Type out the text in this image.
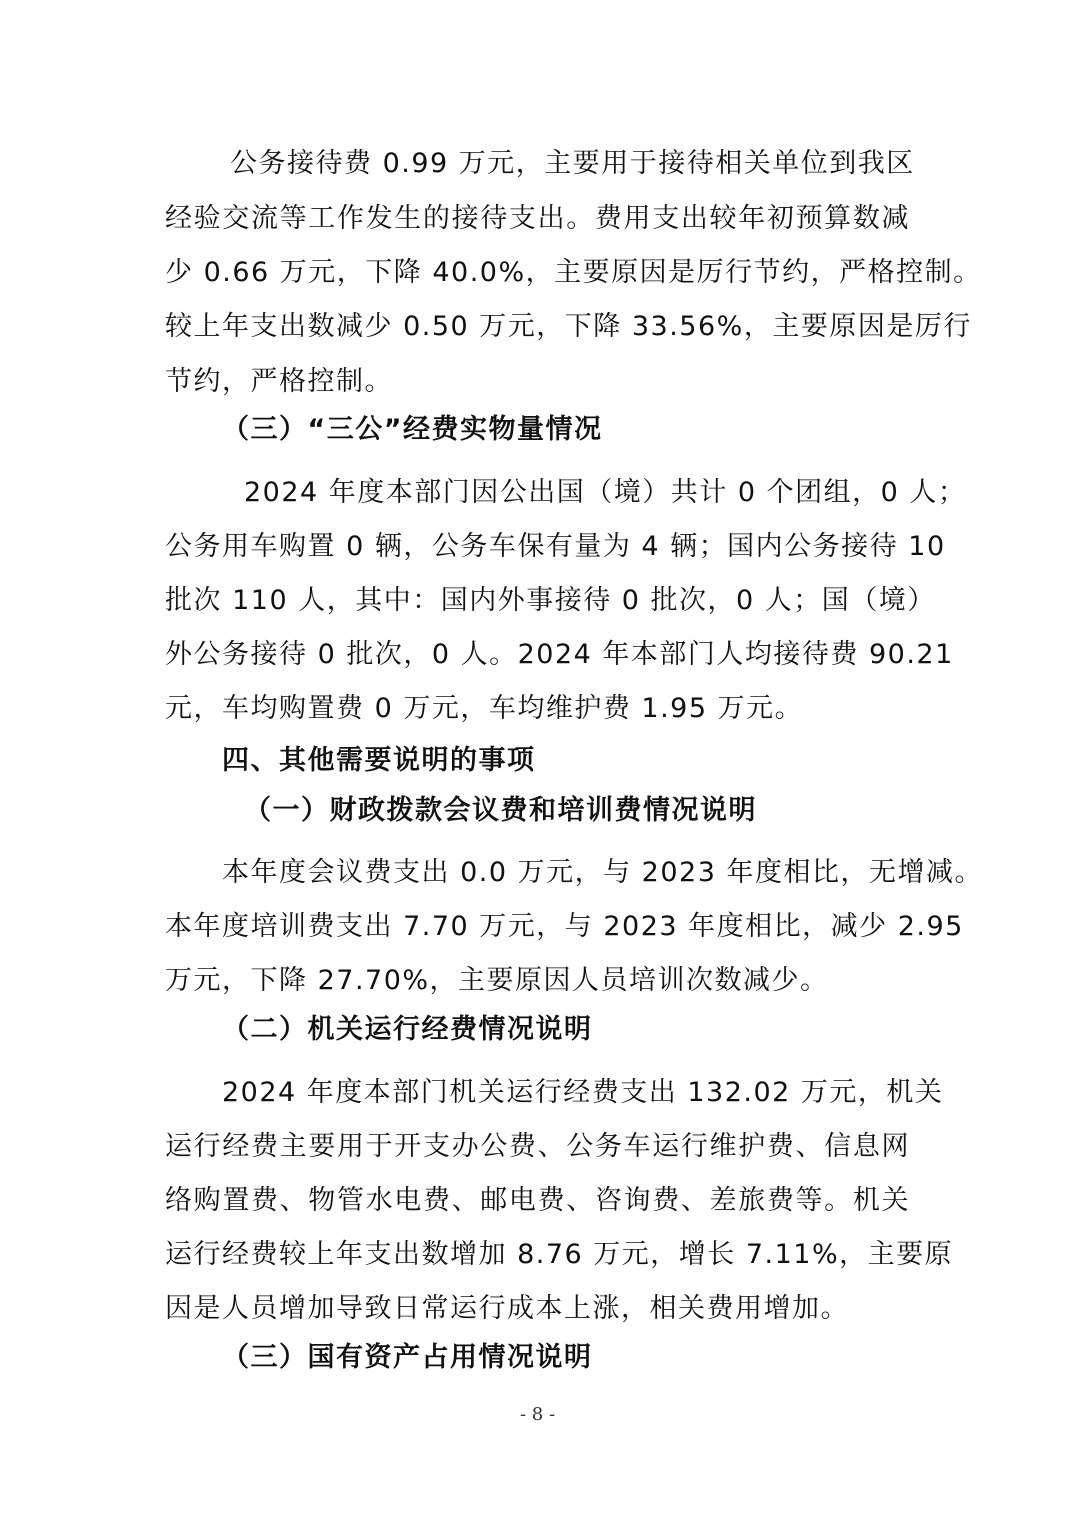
公务接待费 0.99 万元，主要用于接待相关单位到我区
经验交流等工作发生的接待支出。费用支出较年初预算数减
少 0.66 万元，下降 40.0%，主要原因是厉行节约，严格控制。
较上年支出数减少 0.50 万元，下降 33.56%，主要原因是厉行
节约，严格控制。
（三）“三公”经费实物量情况
2024 年度本部门因公出国（境）共计 0 个团组，0 人；
公务用车购置 0 辆，公务车保有量为 4 辆；国内公务接待 10
批次 110 人，其中：国内外事接待 0 批次，0 人；国（境）
外公务接待 0 批次，0 人。2024 年本部门人均接待费 90.21
元，车均购置费 0 万元，车均维护费 1.95 万元。
四、其他需要说明的事项
（一）财政拨款会议费和培训费情况说明
本年度会议费支出 0.0 万元，与 2023 年度相比，无增减。
本年度培训费支出 7.70 万元，与 2023 年度相比，减少 2.95
万元，下降 27.70%，主要原因人员培训次数减少。
（二）机关运行经费情况说明
2024 年度本部门机关运行经费支出 132.02 万元，机关
运行经费主要用于开支办公费、公务车运行维护费、信息网
络购置费、物管水电费、邮电费、咨询费、差旅费等。机关
运行经费较上年支出数增加 8.76 万元，增长 7.11%，主要原
因是人员增加导致日常运行成本上涨，相关费用增加。
（三）国有资产占用情况说明
- 8 -
